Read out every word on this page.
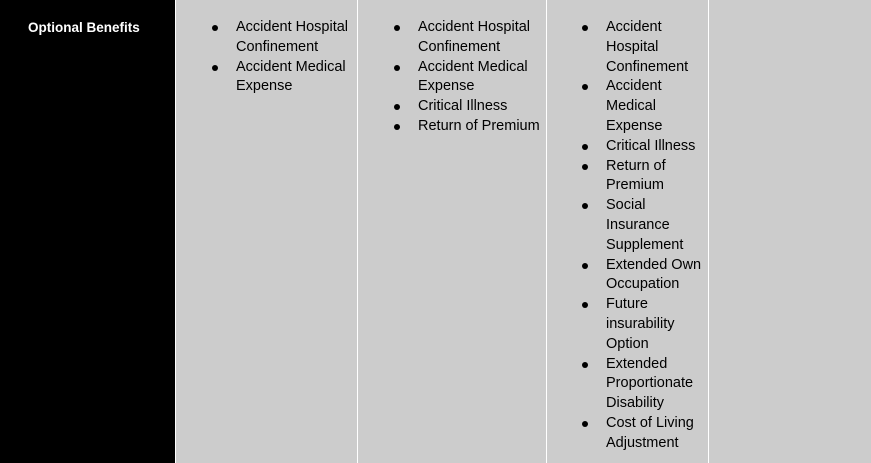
Optional Benefits	Accident Hospital Confinement
Accident Medical Expense
Accident Hospital Confinement
Accident Medical Expense
Critical Illness
Return of Premium
Accident Hospital Confinement
Accident Medical Expense
Critical Illness
Return of Premium
Social Insurance Supplement
Extended Own Occupation
Future insurability Option
Extended Proportionate Disability
Cost of Living Adjustment
